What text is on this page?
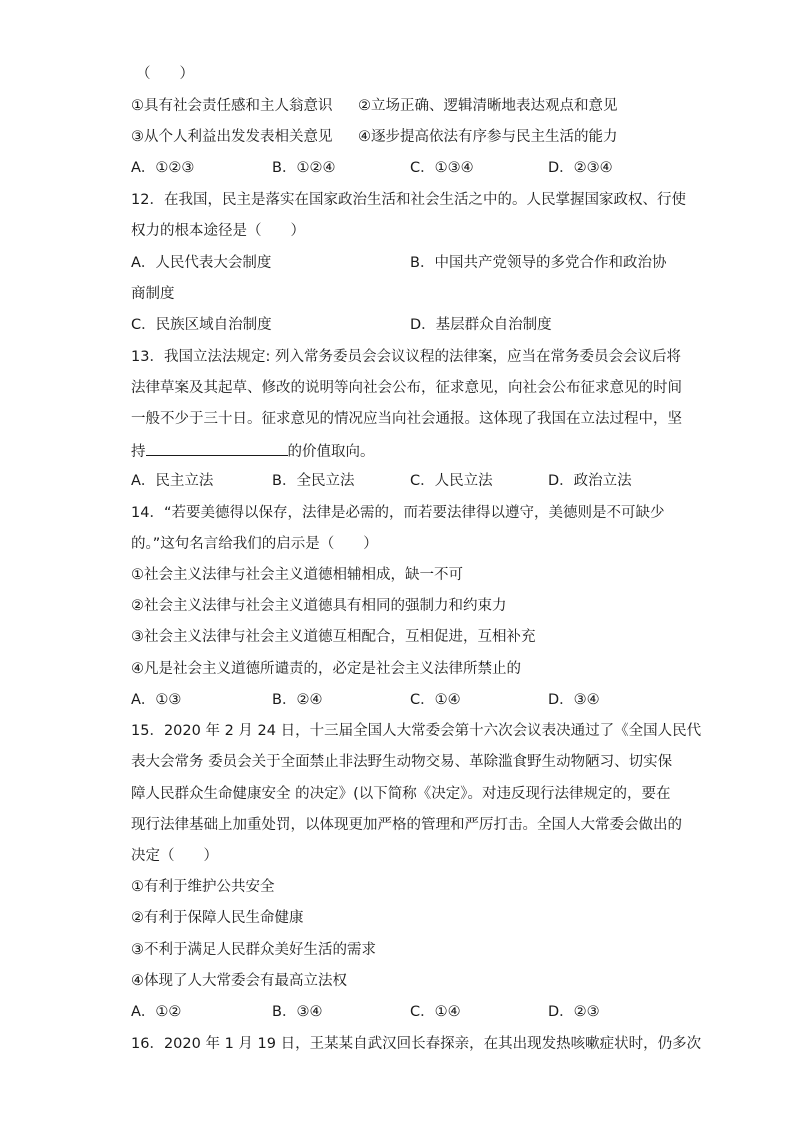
（　　）
①具有社会责任感和主人翁意识 ②立场正确、逻辑清晰地表达观点和意见
③从个人利益出发发表相关意见 ④逐步提高依法有序参与民主生活的能力
A．①②③	B．①②④	C．①③④	D．②③④
12．在我国，民主是落实在国家政治生活和社会生活之中的。人民掌握国家政权、行使
权力的根本途径是（　　）
A．人民代表大会制度	B．中国共产党领导的多党合作和政治协
商制度
C．民族区域自治制度	D．基层群众自治制度
13．我国立法法规定: 列入常务委员会会议议程的法律案，应当在常务委员会会议后将
法律草案及其起草、修改的说明等向社会公布，征求意见，向社会公布征求意见的时间
一般不少于三十日。征求意见的情况应当向社会通报。这体现了我国在立法过程中，坚
持	的价值取向。
A．民主立法	B．全民立法	C．人民立法	D．政治立法
14．“若要美德得以保存，法律是必需的，而若要法律得以遵守，美德则是不可缺少
的。”这句名言给我们的启示是（　　）
①社会主义法律与社会主义道德相辅相成，缺一不可
②社会主义法律与社会主义道德具有相同的强制力和约束力
③社会主义法律与社会主义道德互相配合，互相促进，互相补充
④凡是社会主义道德所谴责的，必定是社会主义法律所禁止的
A．①③	B．②④	C．①④	D．③④
15．2020 年 2 月 24 日，十三届全国人大常委会第十六次会议表决通过了《全国人民代
表大会常务 委员会关于全面禁止非法野生动物交易、革除滥食野生动物陋习、切实保
障人民群众生命健康安全 的决定》(以下简称《决定》。对违反现行法律规定的，要在
现行法律基础上加重处罚，以体现更加严格的管理和严厉打击。全国人大常委会做出的
决定（　　）
①有利于维护公共安全
②有利于保障人民生命健康
③不利于满足人民群众美好生活的需求
④体现了人大常委会有最高立法权
A．①②	B．③④	C．①④	D．②③
16．2020 年 1 月 19 日，王某某自武汉回长春探亲，在其出现发热咳嗽症状时，仍多次
